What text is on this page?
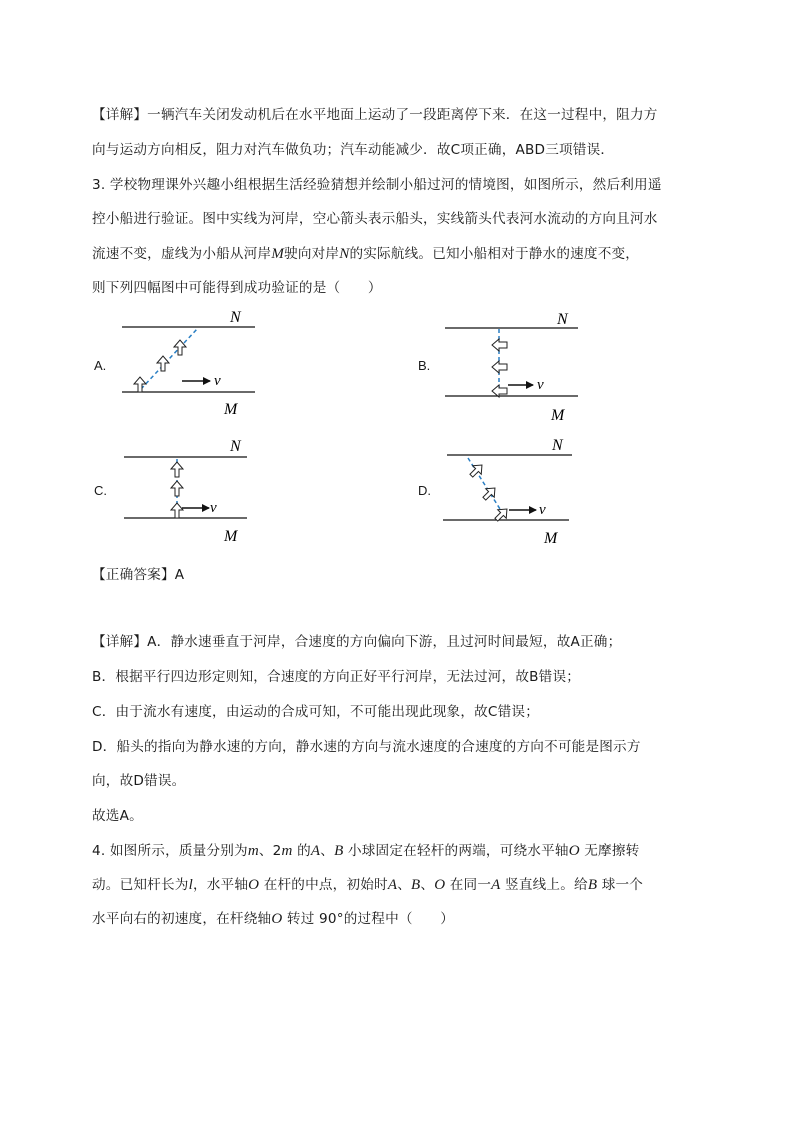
【详解】一辆汽车关闭发动机后在水平地面上运动了一段距离停下来．在这一过程中，阻力方
向与运动方向相反，阻力对汽车做负功；汽车动能减少．故C项正确，ABD三项错误．
3. 学校物理课外兴趣小组根据生活经验猜想并绘制小船过河的情境图，如图所示，然后利用遥
控小船进行验证。图中实线为河岸，空心箭头表示船头，实线箭头代表河水流动的方向且河水
流速不变，虚线为小船从河岸M驶向对岸N的实际航线。已知小船相对于静水的速度不变，
则下列四幅图中可能得到成功验证的是（　　）
A.
N
M
v
B.
N
M
v
C.
N
M
v
D.
N
M
v
【正确答案】A
【详解】A．静水速垂直于河岸，合速度的方向偏向下游，且过河时间最短，故A正确；
B．根据平行四边形定则知，合速度的方向正好平行河岸，无法过河，故B错误；
C．由于流水有速度，由运动的合成可知，不可能出现此现象，故C错误；
D．船头的指向为静水速的方向，静水速的方向与流水速度的合速度的方向不可能是图示方
向，故D错误。
故选A。
4. 如图所示，质量分别为m、2m 的A、B 小球固定在轻杆的两端，可绕水平轴O 无摩擦转
动。已知杆长为l，水平轴O 在杆的中点，初始时A、B、O 在同一A 竖直线上。给B 球一个
水平向右的初速度，在杆绕轴O 转过 90°的过程中（　　）
